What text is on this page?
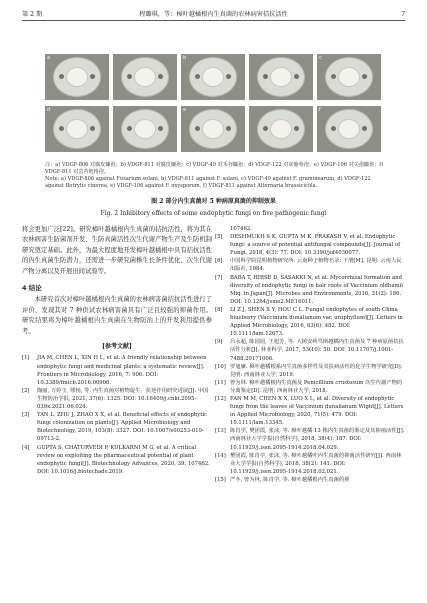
第 2 期	程璐琪，等：樟叶越橘根内生真菌的农林病害拮抗活性	7
a	b	c
d	e	f
注：a) VDGF-806 对腐皮镰孢；b) VDGF-811 对腐皮镰孢；c) VDGF-49 对禾谷镰孢；d) VDGF-122 对灰葡萄孢；e) VDGF-106 对尖孢镰孢；f) VDGF-811 对芸苔链格孢。
Note: a) VDGF-806 against Fusarium solani, b) VDGF-811 against F. solani, c) VDGF-49 against F. graminearum, d) VDGF-122 against Botrytis cinerea, e) VDGF-106 against F. oxysporum, f) VDGF-811 against Alternaria brassicicola.
图 2 部分内生真菌对 5 种病原真菌的抑制效果
Fig. 2 Inhibitory effects of some endophytic fungi on five pathogenic fungi

将会更加广泛[22]。研究樟叶越橘根内生真菌的拮抗活性，将为其在农林病害生防菌剂开发、生防真菌活性次生代谢产物生产及生防机制研究奠定基础。此外，为最大程度地开发樟叶越橘根中具有拮抗活性的内生真菌生防潜力，还需进一步研究菌株生长条件优化、次生代谢产物分离以及开展田间试验等。

4 结论

本研究首次对樟叶越橘根内生真菌的农林病害菌拮抗活性进行了评价，发现其对 7 种供试农林病害菌具有广泛且较强的抑菌作用。研究结果将为樟叶越橘根内生真菌在生物防治上的开发利用提供参考。

[参考文献]
[1] JIA M, CHEN L, XIN H L, et al. A friendly relationship between endophytic fungi and medicinal plants: a systematic review[J]. Frontiers in Microbiology, 2016, 7: 906. DOI: 10.3389/fmicb.2016.00906.
[2] 陶丽, 万婷玉, 缪杨, 等. 内生真菌对植物促生、抗逆作用研究进展[J]. 中国生物防治学报, 2021, 37(6): 1325. DOI: 10.16409/j.cnki.2095-039x.2021.06.024.
[3] YAN L, ZHU J, ZHAO X X, et al. Beneficial effects of endophytic fungi colonization on plants[J]. Applied Microbiology and Biotechnology, 2019, 103(8): 3327. DOI: 10.1007/s00253-019-09713-2.
[4] GUPTA S, CHATURVEDI P, KULKARNI M G, et al. A critical review on exploiting the pharmaceutical potential of plant endophytic fungi[J]. Biotechnology Advances, 2020, 39: 107462. DOI: 10.1016/j.biotechadv.2019.
107462.
[5] DESHMUKH S K, GUPTA M K, PRAKASH V, et al. Endophytic fungi: a source of potential antifungal compounds[J]. Journal of Fungi, 2018, 4(3): 77. DOI: 10.3390/jof4030077.
[6] 中国科学院昆明植物研究所. 云南种子植物名录: 下册[M]. 昆明: 云南人民出版社, 1984.
[7] BABA T, HIRSE D, SASAKKI N, et al. Mycorrhizal formation and diversity of endophytic fungi in hair roots of Vaccinium oldhamii Miq. in Japan[J]. Microbes and Environments, 2016, 31(2): 186. DOI: 10.1264/jsme2.ME16011.
[8] LI Z J, SHEN X Y, HOU C L. Fungal endophytes of south China blueberry (Vaccinium dunalianum var. urophyllum)[J]. Letters in Applied Microbiology, 2016, 63(6): 482. DOI: 10.1111/lam.12673.
[9] 吕永超, 陈园园, 王旭芳, 等. 大树安岭笃斯越橘内生真菌及 7 种病原菌拮抗活性分析[J]. 林业科学, 2017, 53(10): 50. DOI: 10.11707/j.1001-7488.20171006.
[10] 罗旭廉. 樟叶越橘根系内生真菌多样性及其抗病活性的化学生物学研究[D]. 昆明: 西南林业大学, 2019.
[11] 曾为林. 樟叶越橘根内生真菌及 Penicillium crustosum 次生代谢产物的分离鉴定[D]. 昆明: 西南林业大学, 2018.
[12] FAN M M, CHEN X X, LUO X L, et al. Diversity of endophytic fungi from the leaves of Vaccinium dunalianum Wight[J]. Letters in Applied Microbiology, 2020, 71(5): 479. DOI: 10.1111/lam.13345.
[13] 陈肖学, 樊团霞, 张沫, 等. 樟叶越橘 13 株内生真菌的鉴定及其抑菌活性[J]. 西南林业大学学报(自然科学), 2018, 38(4): 187. DOI: 10.11929/j.issn.2095-1914.2018.04.029.
[14] 樊团霞, 陈肖学, 张沫, 等. 樟叶越橘叶内生真菌的抑菌活性研究[J]. 西南林业大学学报(自然科学), 2018, 38(2): 141. DOI: 10.11929/j.issn.2095-1914.2018.02.021.
[15] 严冬, 曾为林, 陈肖学, 等. 樟叶越橘根内生真菌的抑
